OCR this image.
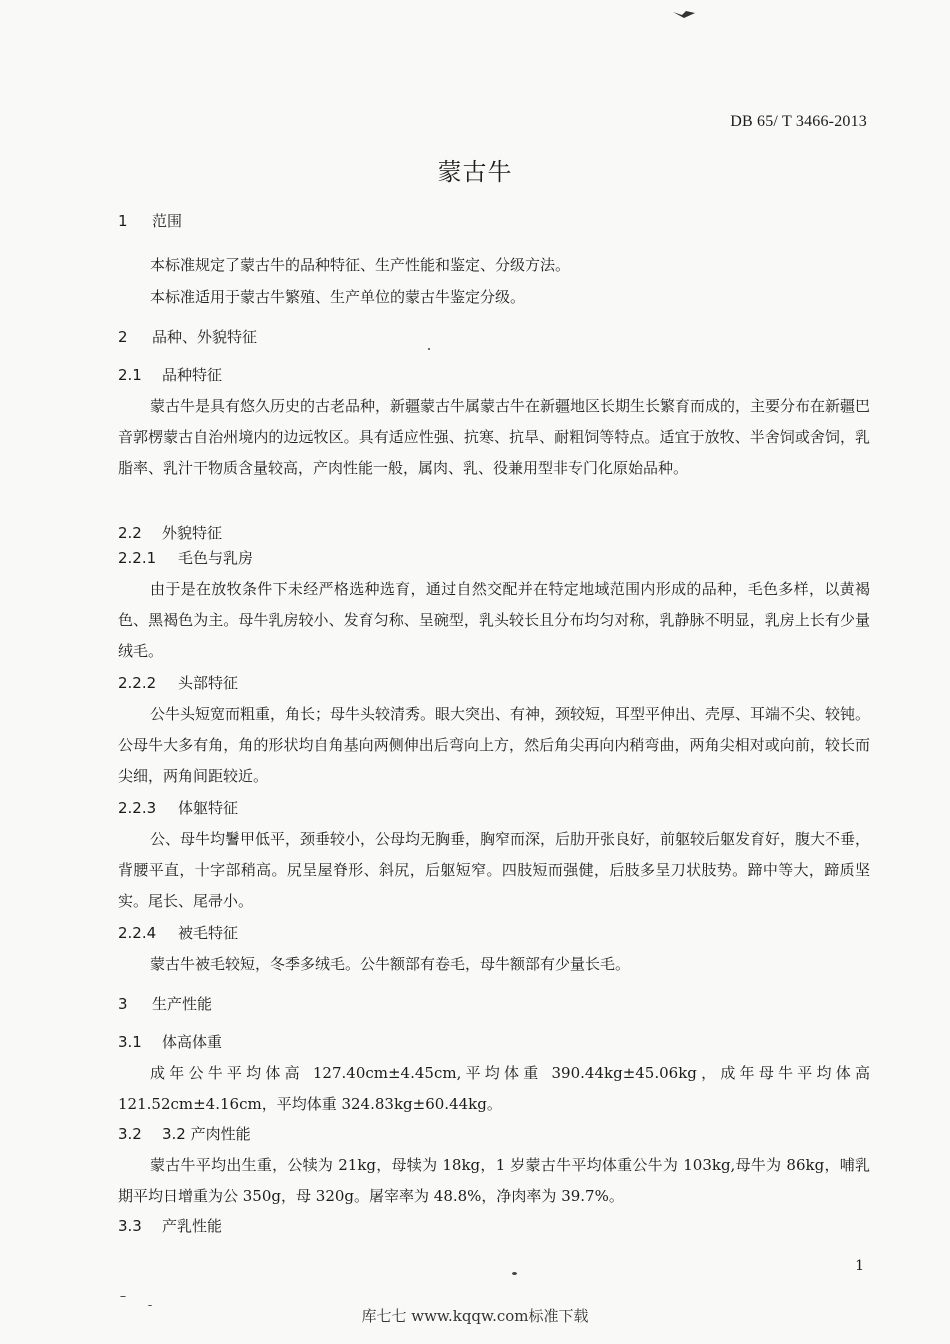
DB 65/ T 3466-2013
蒙古牛
1 范围
本标准规定了蒙古牛的品种特征、生产性能和鉴定、分级方法。
本标准适用于蒙古牛繁殖、生产单位的蒙古牛鉴定分级。
2 品种、外貌特征
2.1 品种特征
蒙古牛是具有悠久历史的古老品种，新疆蒙古牛属蒙古牛在新疆地区长期生长繁育而成的，主要分布在新疆巴音郭楞蒙古自治州境内的边远牧区。具有适应性强、抗寒、抗旱、耐粗饲等特点。适宜于放牧、半舍饲或舍饲，乳脂率、乳汁干物质含量较高，产肉性能一般，属肉、乳、役兼用型非专门化原始品种。
2.2 外貌特征
2.2.1 毛色与乳房
由于是在放牧条件下未经严格选种选育，通过自然交配并在特定地域范围内形成的品种，毛色多样，以黄褐色、黑褐色为主。母牛乳房较小、发育匀称、呈碗型，乳头较长且分布均匀对称，乳静脉不明显，乳房上长有少量绒毛。
2.2.2 头部特征
公牛头短宽而粗重，角长；母牛头较清秀。眼大突出、有神，颈较短，耳型平伸出、壳厚、耳端不尖、较钝。公母牛大多有角，角的形状均自角基向两侧伸出后弯向上方，然后角尖再向内稍弯曲，两角尖相对或向前，较长而尖细，两角间距较近。
2.2.3 体躯特征
公、母牛均鬐甲低平，颈垂较小，公母均无胸垂，胸窄而深，后肋开张良好，前躯较后躯发育好，腹大不垂，背腰平直，十字部稍高。尻呈屋脊形、斜尻，后躯短窄。四肢短而强健，后肢多呈刀状肢势。蹄中等大，蹄质坚实。尾长、尾帚小。
2.2.4 被毛特征
蒙古牛被毛较短，冬季多绒毛。公牛额部有卷毛，母牛额部有少量长毛。
3 生产性能
3.1 体高体重
成年公牛平均体高 127.40cm±4.45cm,平均体重 390.44kg±45.06kg，成年母牛平均体高 121.52cm±4.16cm，平均体重 324.83kg±60.44kg。
3.2 3.2 产肉性能
蒙古牛平均出生重，公犊为 21kg，母犊为 18kg，1 岁蒙古牛平均体重公牛为 103kg,母牛为 86kg，哺乳期平均日增重为公 350g，母 320g。屠宰率为 48.8%，净肉率为 39.7%。
3.3 产乳性能
1
库七七 www.kqqw.com标准下载
